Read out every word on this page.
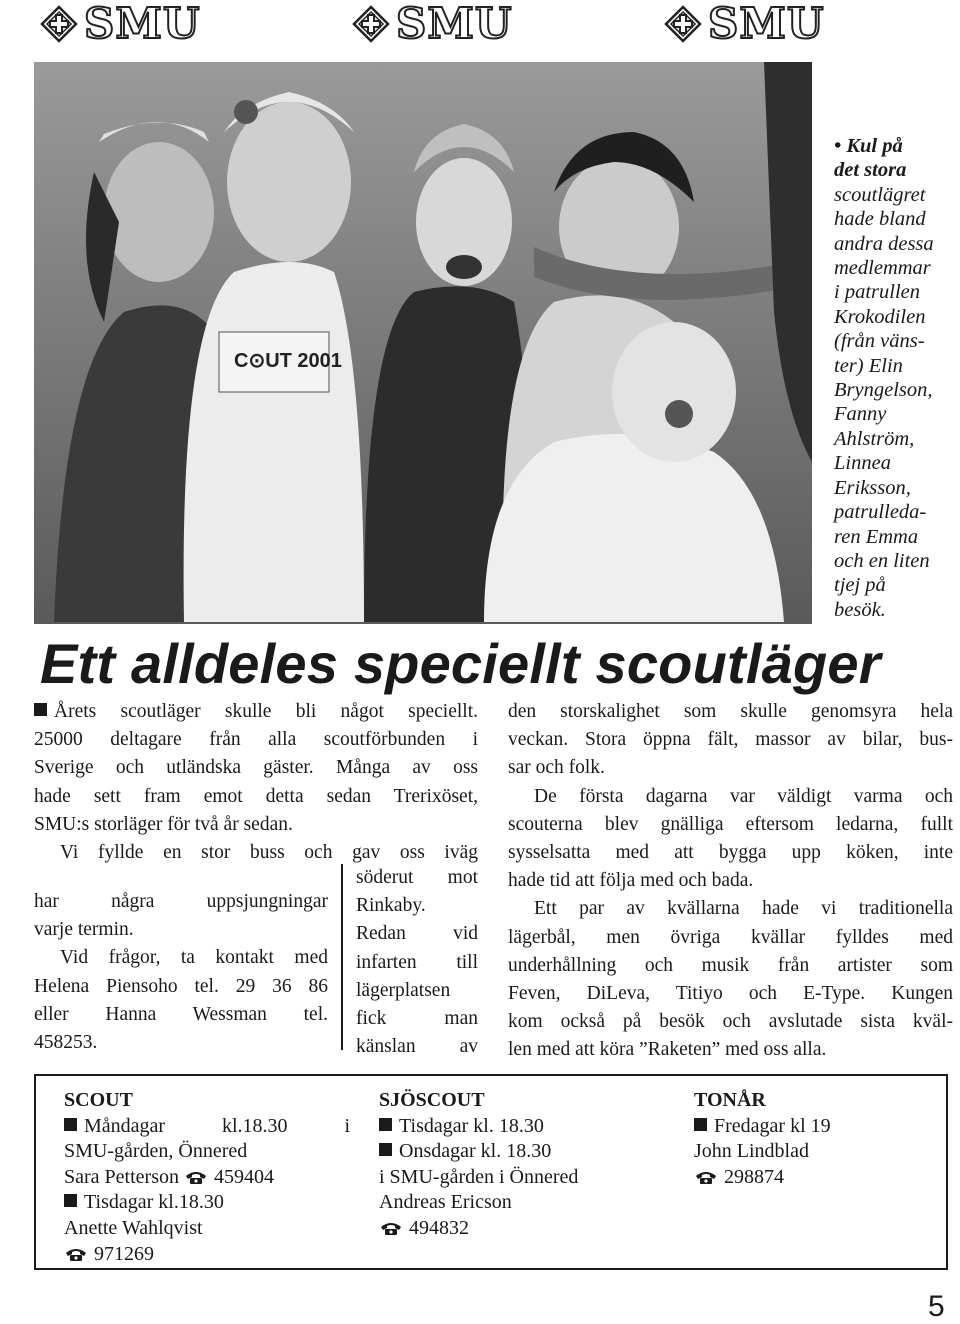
SMU	SMU	SMU
C⊙UT 2001
• Kul på
det stora
scoutlägret
hade bland
andra dessa
medlemmar
i patrullen
Krokodilen
(från väns-
ter) Elin
Bryngelson,
Fanny
Ahlström,
Linnea
Eriksson,
patrulleda-
ren Emma
och en liten
tjej på
besök.
Ett alldeles speciellt scoutläger
Årets scoutläger skulle bli något speciellt.
25000 deltagare från alla scoutförbunden i
Sverige och utländska gäster. Många av oss
hade sett fram emot detta sedan Trerixöset,
SMU:s storläger för två år sedan.
Vi fyllde en stor buss och gav oss iväg
har några uppsjungningar
varje termin.
Vid frågor, ta kontakt med
Helena Piensoho tel. 29 36 86
eller Hanna Wessman tel.
458253.
söderut mot
Rinkaby.
Redan vid
infarten till
lägerplatsen
fick man
känslan av
den storskalighet som skulle genomsyra hela
veckan. Stora öppna fält, massor av bilar, bus-
sar och folk.
De första dagarna var väldigt varma och
scouterna blev gnälliga eftersom ledarna, fullt
sysselsatta med att bygga upp köken, inte
hade tid att följa med och bada.
Ett par av kvällarna hade vi traditionella
lägerbål, men övriga kvällar fylldes med
underhållning och musik från artister som
Feven, DiLeva, Titiyo och E-Type. Kungen
kom också på besök och avslutade sista kväl-
len med att köra ”Raketen” med oss alla.
SCOUT
Måndagar kl.18.30 i
SMU-gården, Önnered
Sara Petterson 459404
Tisdagar kl.18.30
Anette Wahlqvist
971269
SJÖSCOUT
Tisdagar kl. 18.30
Onsdagar kl. 18.30
i SMU-gården i Önnered
Andreas Ericson
494832
TONÅR
Fredagar kl 19
John Lindblad
298874
5
